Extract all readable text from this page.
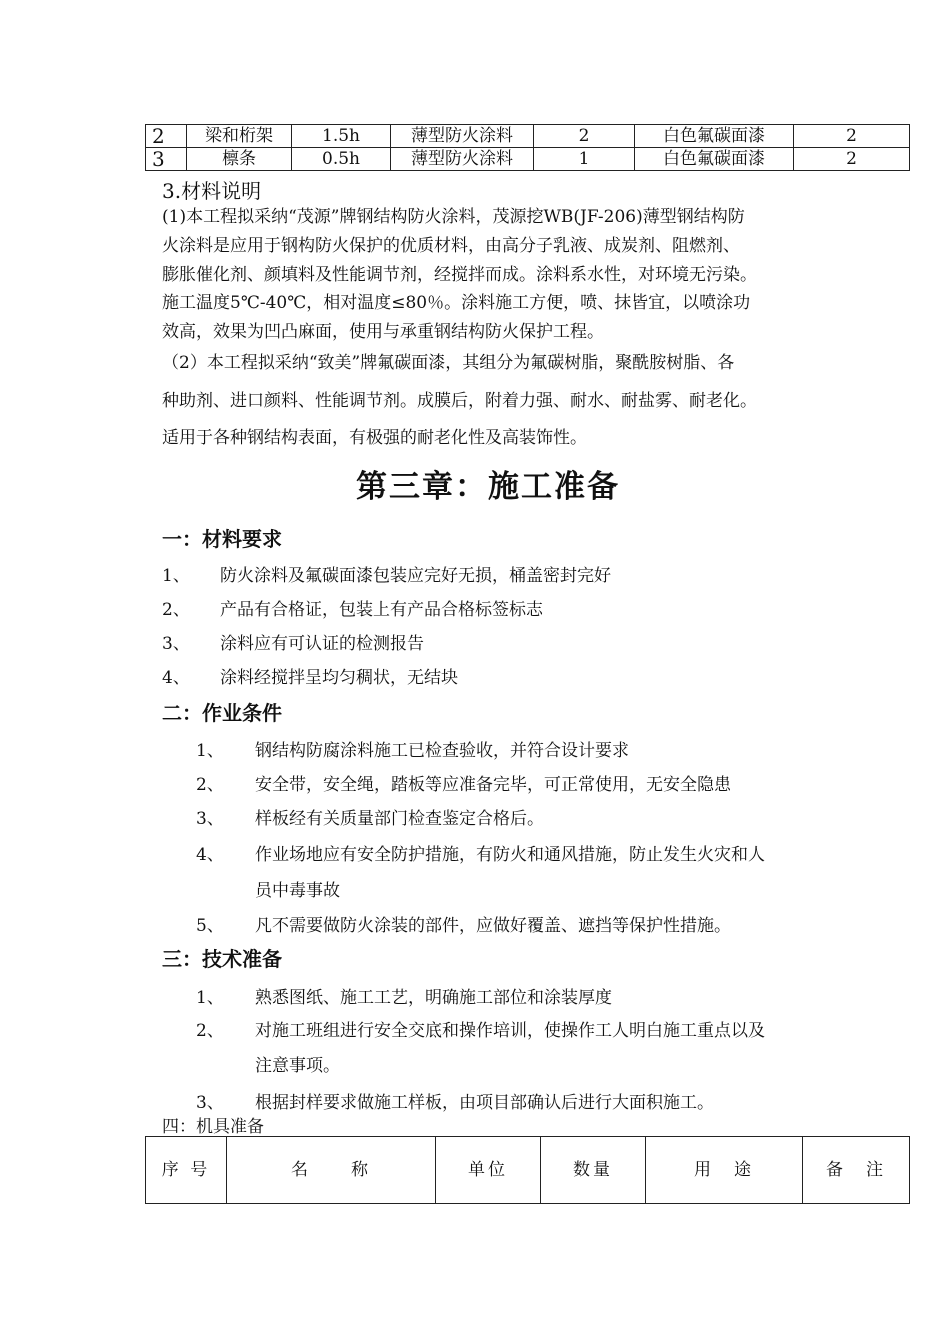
2	梁和桁架	1.5h	薄型防火涂料	2	白色氟碳面漆	2
3	檩条	0.5h	薄型防火涂料	1	白色氟碳面漆	2
3.材料说明
(1)本工程拟采纳“茂源”牌钢结构防火涂料，茂源挖WB(JF-206)薄型钢结构防
火涂料是应用于钢构防火保护的优质材料，由高分子乳液、成炭剂、阻燃剂、
膨胀催化剂、颜填料及性能调节剂，经搅拌而成。涂料系水性，对环境无污染。
施工温度5℃-40℃，相对温度≤80％。涂料施工方便，喷、抹皆宜，以喷涂功
效高，效果为凹凸麻面，使用与承重钢结构防火保护工程。
（2）本工程拟采纳“致美”牌氟碳面漆，其组分为氟碳树脂，聚酰胺树脂、各
种助剂、进口颜料、性能调节剂。成膜后，附着力强、耐水、耐盐雾、耐老化。
适用于各种钢结构表面，有极强的耐老化性及高装饰性。
第三章：施工准备
一：材料要求
1、 防火涂料及氟碳面漆包装应完好无损，桶盖密封完好
2、 产品有合格证，包装上有产品合格标签标志
3、 涂料应有可认证的检测报告
4、 涂料经搅拌呈均匀稠状，无结块
二：作业条件
1、 钢结构防腐涂料施工已检查验收，并符合设计要求
2、 安全带，安全绳，踏板等应准备完毕，可正常使用，无安全隐患
3、 样板经有关质量部门检查鉴定合格后。
4、 作业场地应有安全防护措施，有防火和通风措施，防止发生火灾和人
员中毒事故
5、 凡不需要做防火涂装的部件，应做好覆盖、遮挡等保护性措施。
三：技术准备
1、 熟悉图纸、施工工艺，明确施工部位和涂装厚度
2、 对施工班组进行安全交底和操作培训，使操作工人明白施工重点以及
注意事项。
3、 根据封样要求做施工样板，由项目部确认后进行大面积施工。
四：机具准备
序 号	名　　称	单位	数量	用　途	备　注
